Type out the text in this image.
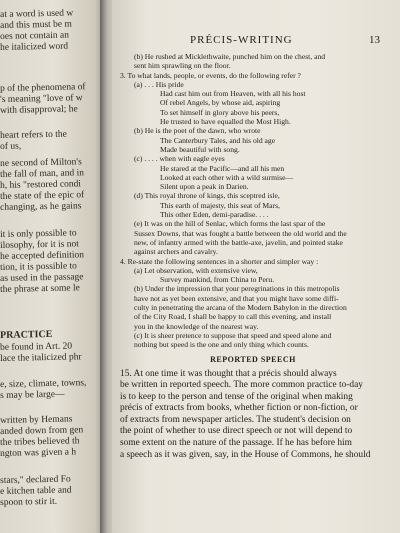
at a word is used w
and this must be m
oes not contain an
he italicized word
p of the phenomena of
's meaning "love of w
with disapproval; he
heart refers to the
of us,
ne second of Milton's
the fall of man, and in
h, his "restored condi
the state of the epic of
changing, as he gains
it is only possible to
ilosophy, for it is not
he accepted definition
tion, it is possible to
as used in the passage
the phrase at some le
PRACTICE
be found in Art. 20
lace the italicized phr
e, size, climate, towns,
s may be large—
written by Hemans
anded down from gen
the tribes believed th
ngton was given a h
stars," declared Fo
e kitchen table and
spoon to stir it.
PRÉCIS-WRITING	13
(b) He rushed at Micklethwaite, punched him on the chest, and
sent him sprawling on the floor.
3. To what lands, people, or events, do the following refer ?
(a) . . . His pride
Had cast him out from Heaven, with all his host
Of rebel Angels, by whose aid, aspiring
To set himself in glory above his peers,
He trusted to have equalled the Most High.
(b) He is the poet of the dawn, who wrote
The Canterbury Tales, and his old age
Made beautiful with song.
(c) . . . . when with eagle eyes
He stared at the Pacific—and all his men
Looked at each other with a wild surmise—
Silent upon a peak in Darien.
(d) This royal throne of kings, this sceptred isle,
This earth of majesty, this seat of Mars,
This other Eden, demi-paradise. . . .
(e) It was on the hill of Senlac, which forms the last spar of the
Sussex Downs, that was fought a battle between the old world and the
new, of infantry armed with the battle-axe, javelin, and pointed stake
against archers and cavalry.
4. Re-state the following sentences in a shorter and simpler way :
(a) Let observation, with extensive view,
Survey mankind, from China to Peru.
(b) Under the impression that your peregrinations in this metropolis
have not as yet been extensive, and that you might have some diffi-
culty in penetrating the arcana of the Modern Babylon in the direction
of the City Road, I shall be happy to call this evening, and install
you in the knowledge of the nearest way.
(c) It is sheer pretence to suppose that speed and speed alone and
nothing but speed is the one and only thing which counts.
REPORTED SPEECH
15. At one time it was thought that a précis should always
be written in reported speech. The more common practice to-day
is to keep to the person and tense of the original when making
précis of extracts from books, whether fiction or non-fiction, or
of extracts from newspaper articles. The student's decision on
the point of whether to use direct speech or not will depend to
some extent on the nature of the passage. If he has before him
a speech as it was given, say, in the House of Commons, he should
